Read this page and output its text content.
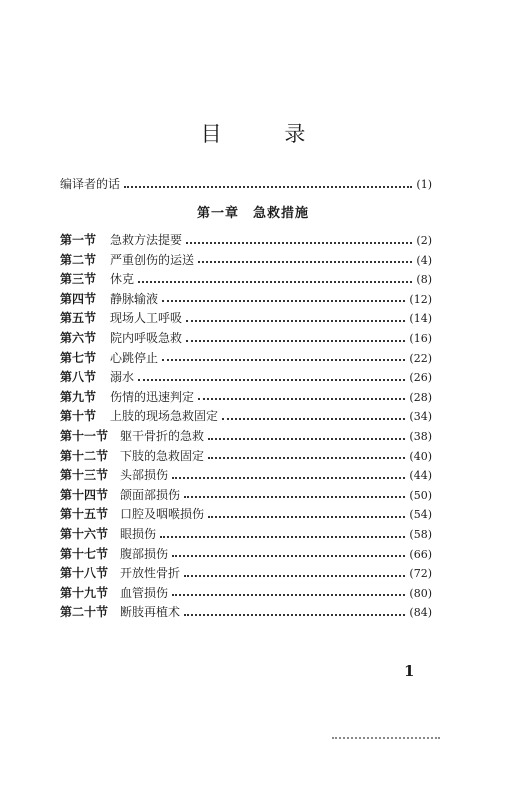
目 录
编译者的话	(1)
第一章 急救措施
第一节	急救方法提要	(2)
第二节	严重创伤的运送	(4)
第三节	休克	(8)
第四节	静脉输液	(12)
第五节	现场人工呼吸	(14)
第六节	院内呼吸急救	(16)
第七节	心跳停止	(22)
第八节	溺水	(26)
第九节	伤情的迅速判定	(28)
第十节	上肢的现场急救固定	(34)
第十一节 躯干骨折的急救	(38)
第十二节 下肢的急救固定	(40)
第十三节 头部损伤	(44)
第十四节 颌面部损伤	(50)
第十五节 口腔及咽喉损伤	(54)
第十六节 眼损伤	(58)
第十七节 腹部损伤	(66)
第十八节 开放性骨折	(72)
第十九节 血管损伤	(80)
第二十节 断肢再植术	(84)
1
